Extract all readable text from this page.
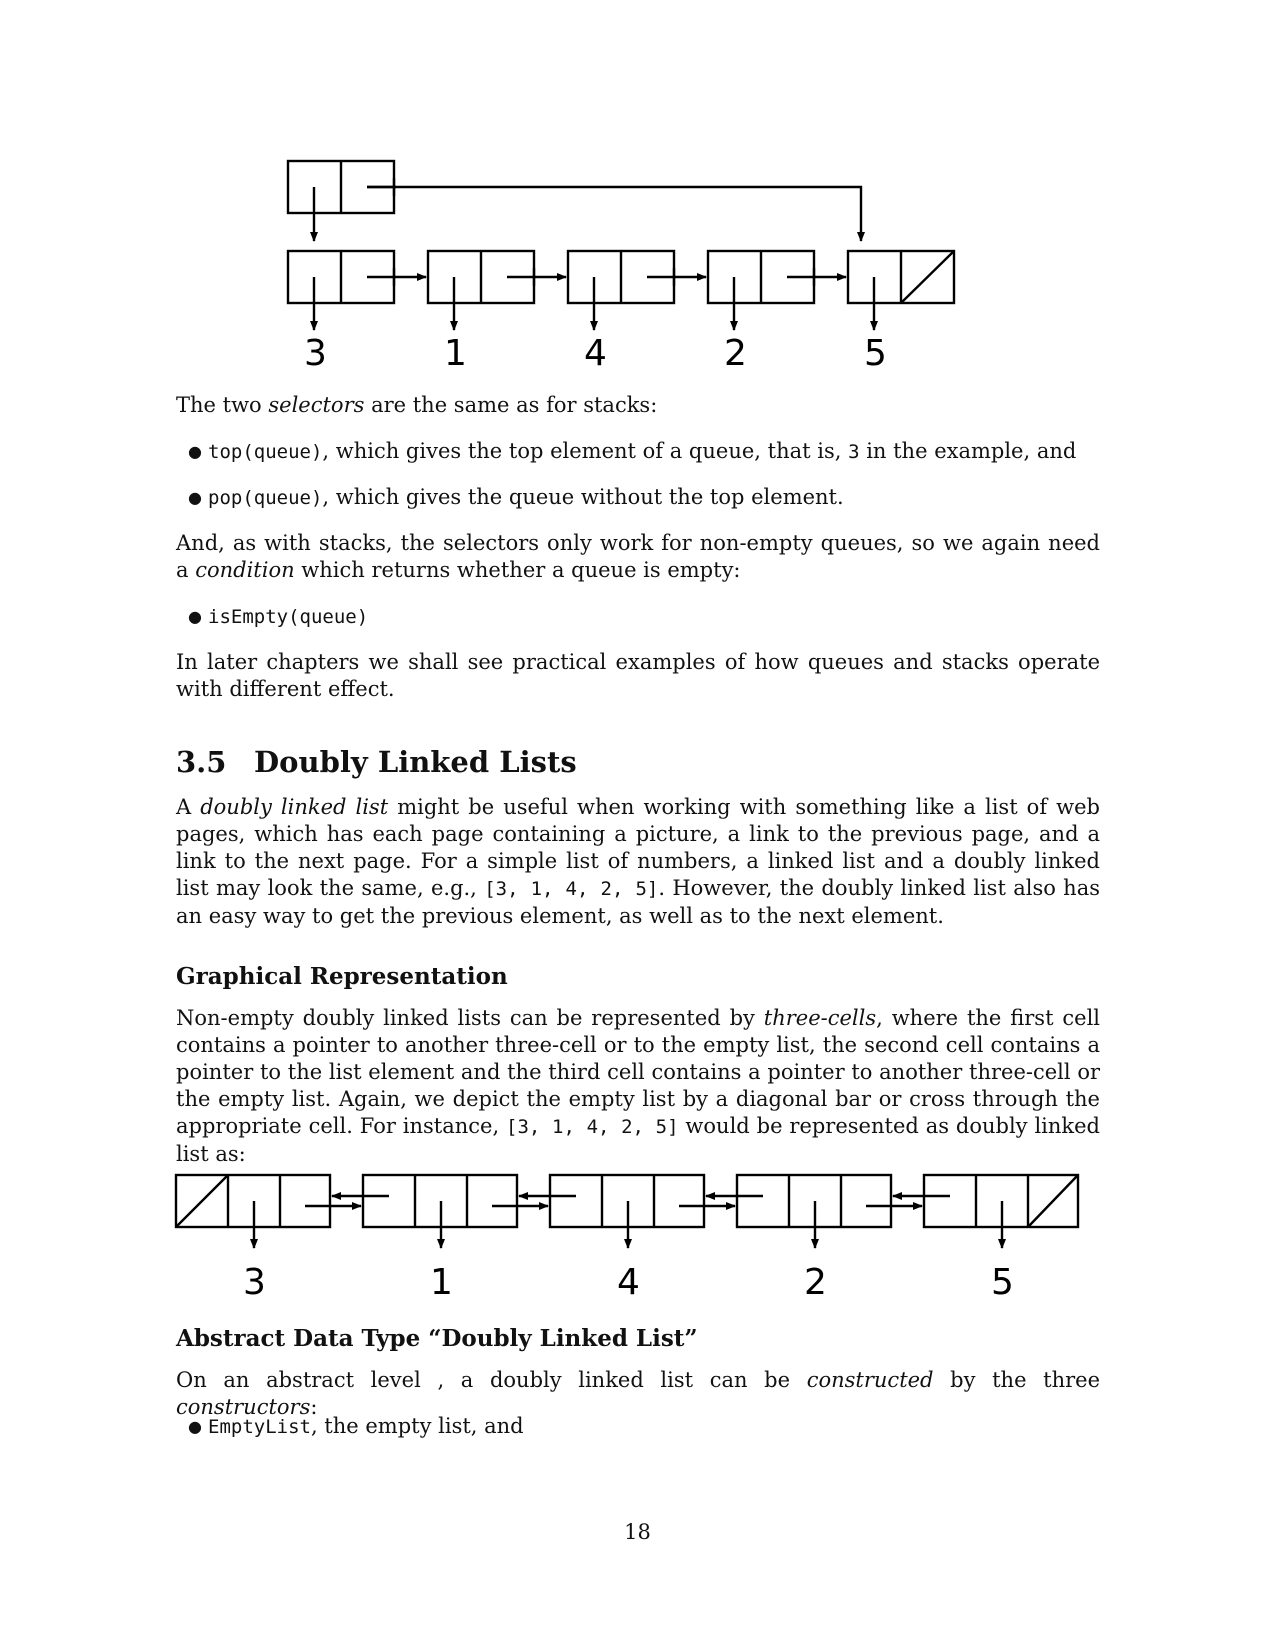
3	1	4	2	5

The two selectors are the same as for stacks:

● top(queue), which gives the top element of a queue, that is, 3 in the example, and

● pop(queue), which gives the queue without the top element.

And, as with stacks, the selectors only work for non-empty queues, so we again need a condition which returns whether a queue is empty:

● isEmpty(queue)

In later chapters we shall see practical examples of how queues and stacks operate with different effect.

3.5 Doubly Linked Lists

A doubly linked list might be useful when working with something like a list of web pages, which has each page containing a picture, a link to the previous page, and a link to the next page. For a simple list of numbers, a linked list and a doubly linked list may look the same, e.g., [3, 1, 4, 2, 5]. However, the doubly linked list also has an easy way to get the previous element, as well as to the next element.

Graphical Representation

Non-empty doubly linked lists can be represented by three-cells, where the first cell contains a pointer to another three-cell or to the empty list, the second cell contains a pointer to the list element and the third cell contains a pointer to another three-cell or the empty list. Again, we depict the empty list by a diagonal bar or cross through the appropriate cell. For instance, [3, 1, 4, 2, 5] would be represented as doubly linked list as:

3	1	4	2	5
Abstract Data Type “Doubly Linked List”

On an abstract level , a doubly linked list can be constructed by the three constructors:

● EmptyList, the empty list, and

18
